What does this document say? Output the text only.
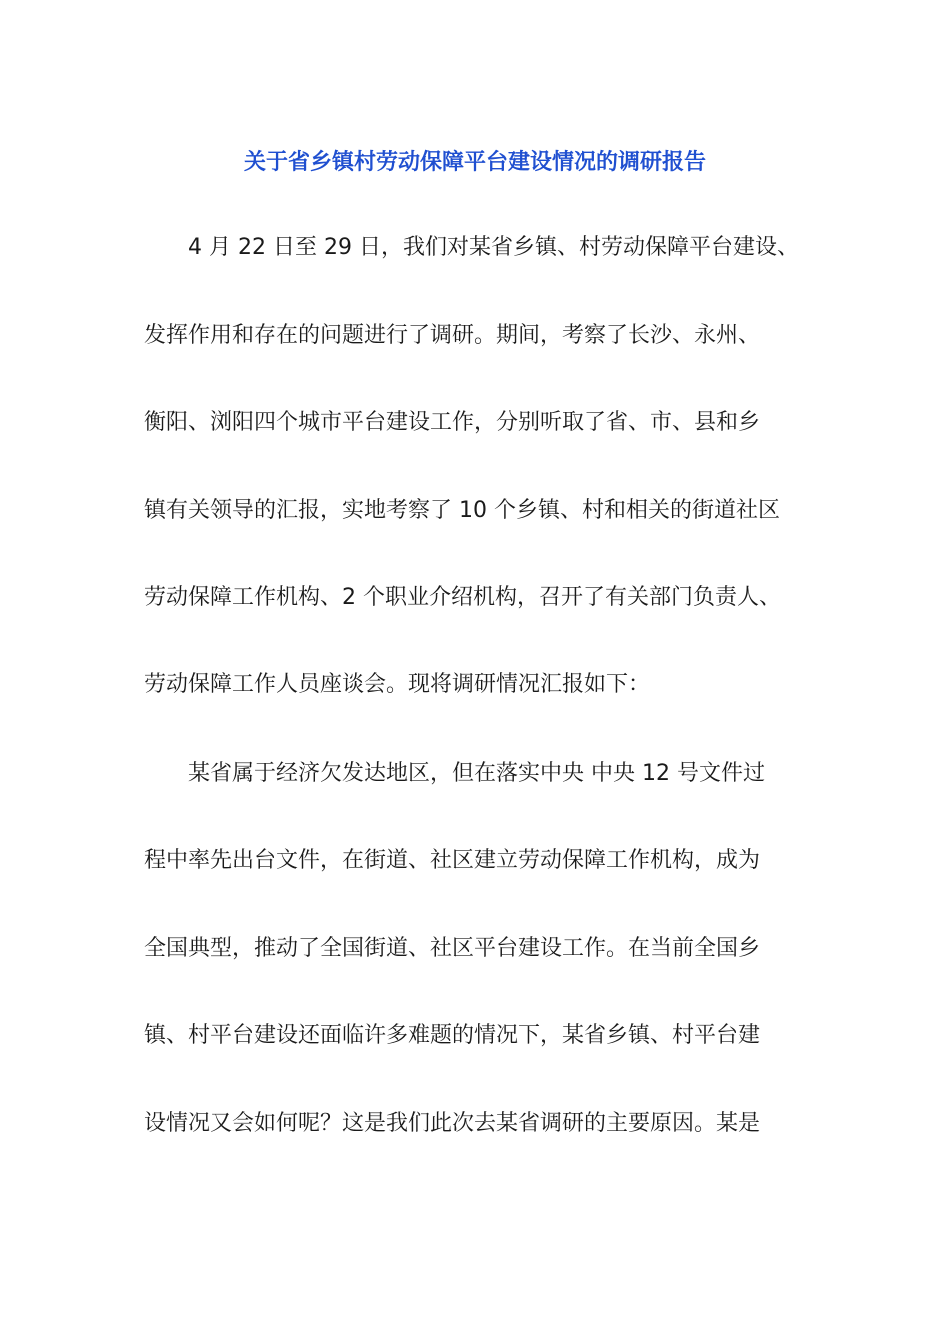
关于省乡镇村劳动保障平台建设情况的调研报告
4 月 22 日至 29 日，我们对某省乡镇、村劳动保障平台建设、
发挥作用和存在的问题进行了调研。期间，考察了长沙、永州、
衡阳、浏阳四个城市平台建设工作，分别听取了省、市、县和乡
镇有关领导的汇报，实地考察了 10 个乡镇、村和相关的街道社区
劳动保障工作机构、2 个职业介绍机构，召开了有关部门负责人、
劳动保障工作人员座谈会。现将调研情况汇报如下：
某省属于经济欠发达地区，但在落实中央 中央 12 号文件过
程中率先出台文件，在街道、社区建立劳动保障工作机构，成为
全国典型，推动了全国街道、社区平台建设工作。在当前全国乡
镇、村平台建设还面临许多难题的情况下，某省乡镇、村平台建
设情况又会如何呢？这是我们此次去某省调研的主要原因。某是
